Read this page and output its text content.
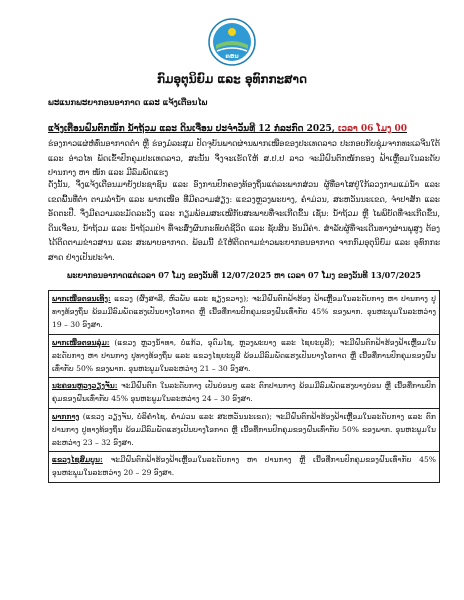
ຄອນ
ກົມອຸຕຸນິຍົມ ແລະ ອຸທົກກະສາດ
ພະແນກພະຍາກອນອາກາດ ແລະ ແຈ້ງເຕືອນໄພ
ແຈ້ງເຕືອນຝົນຕົກໜັກ ນໍ້າຖ້ວມ ແລະ ດິນເຈື່ອນ ປະຈໍາວັນທີ 12 ກໍລະກົດ 2025, ເວລາ 06 ໂມງ 00
ຮ່ອງກາວແຜ່ຫໍ່ທົ່ນອາກາດຕໍ່າ ຫຼື ຮ່ອງມໍລະສຸມ ປັດຈຸບັນພາດຜ່ານພາກເໜືອຂອງປະເທດລາວ ປະກອບກັບຊຸ່ມຈາກທະເລຈີນໃຕ້ ແລະ ອ່າວໄທ ພັດເຂົ້າປົກຄຸມປະເທດລາວ, ສະນັ້ນ ຈຶ່ງຈະເຮັດໃຫ້ ສ.ປ.ປ ລາວ ຈະມີຝົນຕົກໜັກຮອງ ຟ້າເຫຼື້ອມໃນລະດັບປານກາງ ຫາ ໜັກ ແລະ ມີລົມພັດແຮງ
ດັ່ງນັ້ນ, ຈຶ່ງແຈ້ງເຕືອນມາຍັງປະຊາຊົນ ແລະ ອົງການປົກຄອງທ້ອງຖິ່ນແຕ່ລະພາກສ່ວນ ຜູ້ທີ່ອາໄສຢູ່ໃກ້ລວງກາມແມ່ນໍ້າ ແລະ ເຂດພື້ນທີ່ຕ່ຳ ຕາມລຳນ້ຳ ແລະ ພາກເໜືອ ທີ່ມີຄວາມສ່ຽງ: ແຂວງຫຼວງພະບາງ, ຄຳມ່ວນ, ສະຫວັນນະເຂດ, ຈຳປາສັກ ແລະ ອັດຕະປື. ຈຶ່ງມີຄວາມລະມັດລະວັງ ແລະ ກຽມພ້ອມສະເໝີກັບສະພາບທີ່ຈະເກີດຂຶ້ນ ເຊັ່ນ: ນໍ້າຖ້ວມ ຫຼື ໄພພິບັດທີ່ຈະເກີດຂຶ້ນ, ດິນເຈື່ອນ, ນໍ້າຖ້ວມ ແລະ ນໍ້າຖ້ວມປ່າ ທີ່ຈະສົ່ງຜົນກະທົບຕໍ່ຊີວິດ ແລະ ຊັບສິນ ອັນມີຄ່າ. ສຳລັບຜູ້ທີ່ຈະເດີນທາງຜ່ານພູສູງ ຕ້ອງໄດ້ຕິດຕາມຂ່າວສານ ແລະ ສະພາບອາກາດ. ພ້ອມນີ້ ຂໍໃຫ້ຕິດຕາມຂ່າວພະຍາກອນອາກາດ ຈາກກົມອຸຕຸນິຍົມ ແລະ ອຸທົກກະສາດ ຢ່າງເປັນປະຈຳ.
ພະຍາກອນອາກາດແຕ່ເວລາ 07 ໂມງ ຂອງວັນທີ 12/07/2025 ຫາ ເວລາ 07 ໂມງ ຂອງວັນທີ 13/07/2025
ພາກເໜືອຕອນເທິງ: ແຂວງ (ຜົ້ງສາລີ, ຫົວພັນ ແລະ ຊຽງຂວາງ); ຈະມີຝົນຕົກຟ້າຮ້ອງ ຟ້າເຫຼື້ອມໃນລະດັບກາງ ຫາ ປານກາງ ປູທາງທ້ອງຖິ່ນ ພ້ອມມີລົມພັດແຮງເປັນບາງໂອກາດ ຫຼື ເນື້ອທີ່ການປົກຄຸມຂອງຝົນເທົ່າກັບ 45% ຂອງພາກ. ອຸນຫະພູມໃນລະຫວ່າງ 19 – 30 ອົງສາ.
ພາກເໜືອຕອນລຸ່ມ: (ແຂວງ ຫຼວງນ້ຳທາ, ບໍ່ແກ້ວ, ອຸດົມໄຊ, ຫຼວງພະບາງ ແລະ ໄຊຍະບູລີ); ຈະມີຝົນຕົກຟ້າຮ້ອງຟ້າເຫຼື້ອມໃນລະດັບກາງ ຫາ ປານກາງ ປູທາງທ້ອງຖິ່ນ ແລະ ແຂວງໄຊຍະບູລີ ພ້ອມມີລົມພັດແຮງເປັນບາງໂອກາດ ຫຼື ເນື້ອທີ່ການປົກຄຸມຂອງຝົນເທົ່າກັບ 50% ຂອງພາກ. ອຸນຫະພູມໃນລະຫວ່າງ 21 – 30 ອົງສາ.
ນະຄອນຫຼວງວຽງຈັນ: ຈະມີຝົນຕົກ ໃນລະດັບກາງ ເປັນບ່ອນໆ ແລະ ຕົກປານກາງ ພ້ອມມີລົມພັດແຮງບາງບ່ອນ ຫຼື ເນື້ອທີ່ການປົກຄຸມຂອງຝົນເທົ່າກັບ 45% ອຸນຫະພູມໃນລະຫວ່າງ 24 – 30 ອົງສາ.
ພາກກາງ (ແຂວງ ວຽງຈັນ, ບໍລິຄຳໄຊ, ຄຳມ່ວນ ແລະ ສະຫວັນນະເຂດ); ຈະມີຝົນຕົກຟ້າຮ້ອງຟ້າເຫຼື້ອມໃນລະດັບກາງ ແລະ ຕົກປານກາງ ປູທາງທ້ອງຖິ່ນ ພ້ອມມີລົມພັດແຮງເປັນບາງໂອກາດ ຫຼື ເນື້ອທີ່ການປົກຄຸມຂອງຝົນເທົ່າກັບ 50% ຂອງພາກ. ອຸນຫະພູມໃນລະຫວ່າງ 23 – 32 ອົງສາ.
ແຂວງໄຊສົມບູນ: ຈະມີຝົນຕົກຟ້າຮ້ອງຟ້າເຫຼື້ອມໃນລະດັບກາງ ຫາ ປານກາງ ຫຼື ເນື້ອທີ່ການປົກຄຸມຂອງຝົນເທົ່າກັບ 45% ອຸນຫະພູມໃນລະຫວ່າງ 20 – 29 ອົງສາ.
